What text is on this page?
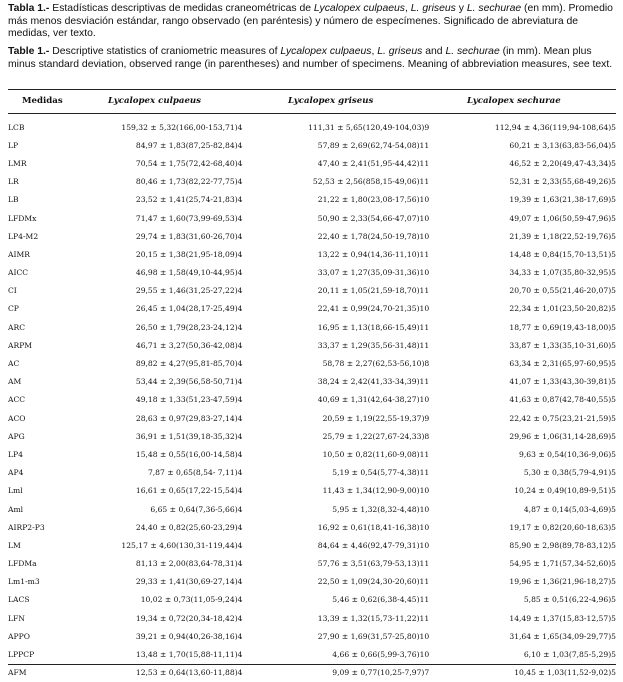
Tabla 1.- Estadísticas descriptivas de medidas craneométricas de Lycalopex culpaeus, L. griseus y L. sechurae (en mm). Promedio más menos desviación estándar, rango observado (en paréntesis) y número de especímenes. Significado de abreviatura de medidas, ver texto.
Table 1.- Descriptive statistics of craniometric measures of Lycalopex culpaeus, L. griseus and L. sechurae (in mm). Mean plus minus standard deviation, observed range (in parentheses) and number of specimens. Meaning of abbreviation measures, see text.
Medidas	Lycalopex culpaeus	Lycalopex griseus	Lycalopex sechurae
LCB	159,32 ± 5,32(166,00-153,71)4	111,31 ± 5,65(120,49-104,03)9	112,94 ± 4,36(119,94-108,64)5
LP	84,97 ± 1,83(87,25-82,84)4	57,89 ± 2,69(62,74-54,08)11	60,21 ± 3,13(63,83-56,04)5
LMR	70,54 ± 1,75(72,42-68,40)4	47,40 ± 2,41(51,95-44,42)11	46,52 ± 2,20(49,47-43,34)5
LR	80,46 ± 1,73(82,22-77,75)4	52,53 ± 2,56(858,15-49,06)11	52,31 ± 2,33(55,68-49,26)5
LB	23,52 ± 1,41(25,74-21,83)4	21,22 ± 1,80(23,08-17,56)10	19,39 ± 1,63(21,38-17,69)5
LFDMx	71,47 ± 1,60(73,99-69,53)4	50,90 ± 2,33(54,66-47,07)10	49,07 ± 1,06(50,59-47,96)5
LP4-M2	29,74 ± 1,83(31,60-26,70)4	22,40 ± 1,78(24,50-19,78)10	21,39 ± 1,18(22,52-19,76)5
AIMR	20,15 ± 1,38(21,95-18,09)4	13,22 ± 0,94(14,36-11,10)11	14,48 ± 0,84(15,70-13,51)5
AICC	46,98 ± 1,58(49,10-44,95)4	33,07 ± 1,27(35,09-31,36)10	34,33 ± 1,07(35,80-32,95)5
CI	29,55 ± 1,46(31,25-27,22)4	20,11 ± 1,05(21,59-18,70)11	20,70 ± 0,55(21,46-20,07)5
CP	26,45 ± 1,04(28,17-25,49)4	22,41 ± 0,99(24,70-21,35)10	22,34 ± 1,01(23,50-20,82)5
ARC	26,50 ± 1,79(28,23-24,12)4	16,95 ± 1,13(18,66-15,49)11	18,77 ± 0,69(19,43-18,00)5
ARPM	46,71 ± 3,27(50,36-42,08)4	33,37 ± 1,29(35,56-31,48)11	33,87 ± 1,33(35,10-31,60)5
AC	89,82 ± 4,27(95,81-85,70)4	58,78 ± 2,27(62,53-56,10)8	63,34 ± 2,31(65,97-60,95)5
AM	53,44 ± 2,39(56,58-50,71)4	38,24 ± 2,42(41,33-34,39)11	41,07 ± 1,33(43,30-39,81)5
ACC	49,18 ± 1,33(51,23-47,59)4	40,69 ± 1,31(42,64-38,27)10	41,63 ± 0,87(42,78-40,55)5
ACO	28,63 ± 0,97(29,83-27,14)4	20,59 ± 1,19(22,55-19,37)9	22,42 ± 0,75(23,21-21,59)5
APG	36,91 ± 1,51(39,18-35,32)4	25,79 ± 1,22(27,67-24,33)8	29,96 ± 1,06(31,14-28,69)5
LP4	15,48 ± 0,55(16,00-14,58)4	10,50 ± 0,82(11,60-9,08)11	9,63 ± 0,54(10,36-9,06)5
AP4	7,87 ± 0,65(8,54- 7,11)4	5,19 ± 0,54(5,77-4,38)11	5,30 ± 0,38(5,79-4,91)5
Lml	16,61 ± 0,65(17,22-15,54)4	11,43 ± 1,34(12,90-9,00)10	10,24 ± 0,49(10,89-9,51)5
Aml	6,65 ± 0,64(7,36-5,66)4	5,95 ± 1,32(8,32-4,48)10	4,87 ± 0,14(5,03-4,69)5
AIRP2-P3	24,40 ± 0,82(25,60-23,29)4	16,92 ± 0,61(18,41-16,38)10	19,17 ± 0,82(20,60-18,63)5
LM	125,17 ± 4,60(130,31-119,44)4	84,64 ± 4,46(92,47-79,31)10	85,90 ± 2,98(89,78-83,12)5
LFDMa	81,13 ± 2,00(83,64-78,31)4	57,76 ± 3,51(63,79-53,13)11	54,95 ± 1,71(57,34-52,60)5
Lm1-m3	29,33 ± 1,41(30,69-27,14)4	22,50 ± 1,09(24,30-20,60)11	19,96 ± 1,36(21,96-18,27)5
LACS	10,02 ± 0,73(11,05-9,24)4	5,46 ± 0,62(6,38-4,45)11	5,85 ± 0,51(6,22-4,96)5
LFN	19,34 ± 0,72(20,34-18,42)4	13,39 ± 1,32(15,73-11,22)11	14,49 ± 1,37(15,83-12,57)5
APPO	39,21 ± 0,94(40,26-38,16)4	27,90 ± 1,69(31,57-25,80)10	31,64 ± 1,65(34,09-29,77)5
LPPCP	13,48 ± 1,70(15,88-11,11)4	4,66 ± 0,66(5,99-3,76)10	6,10 ± 1,03(7,85-5,29)5
AFM	12,53 ± 0,64(13,60-11,88)4	9,09 ± 0,77(10,25-7,97)7	10,45 ± 1,03(11,52-9,02)5
